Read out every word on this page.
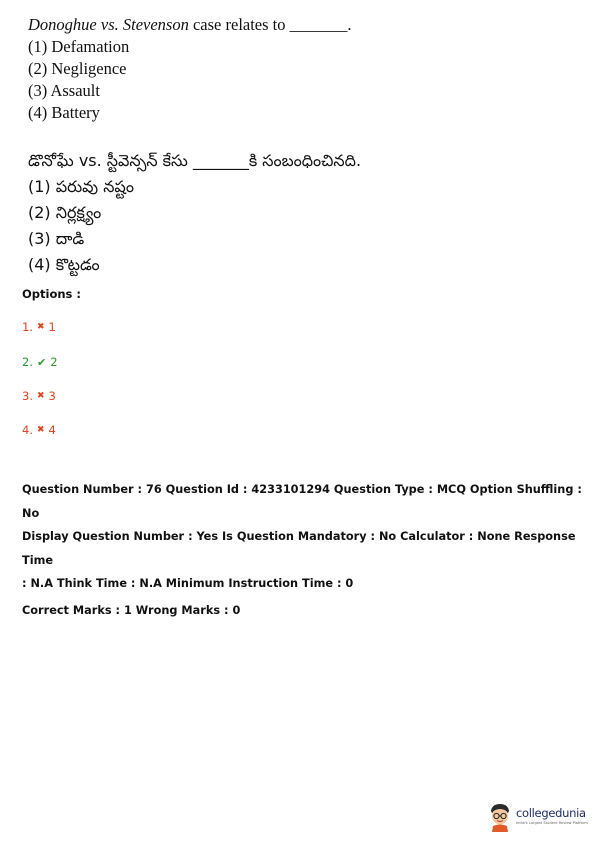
Donoghue vs. Stevenson case relates to _______.
(1) Defamation
(2) Negligence
(3) Assault
(4) Battery
డొనోఘే vs. స్టీవెన్సన్ కేసు _______కి సంబంధించినది.
(1) పరువు నష్టం
(2) నిర్లక్ష్యం
(3) దాడి
(4) కొట్టడం
Options :
1. ✖ 1
2. ✔ 2
3. ✖ 3
4. ✖ 4

Question Number : 76 Question Id : 4233101294 Question Type : MCQ Option Shuffling : No

Display Question Number : Yes Is Question Mandatory : No Calculator : None Response Time

: N.A Think Time : N.A Minimum Instruction Time : 0

Correct Marks : 1 Wrong Marks : 0

collegedunia
India's Largest Student Review Platform
